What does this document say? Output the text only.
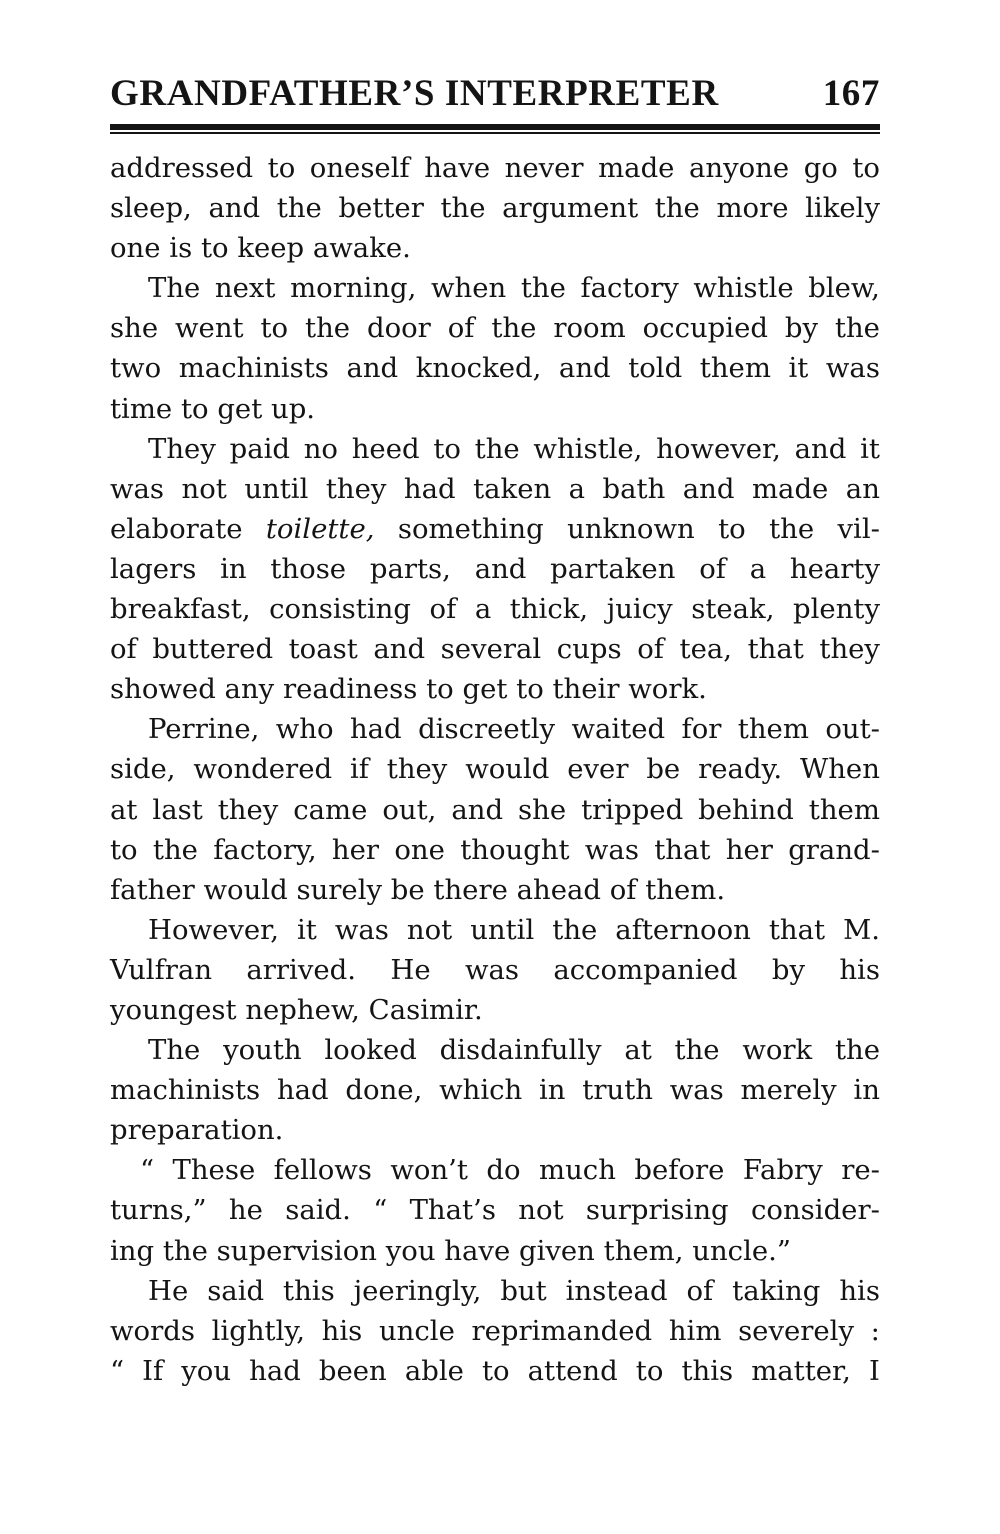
GRANDFATHER’S INTERPRETER	167
addressed to oneself have never made anyone go to
sleep, and the better the argument the more likely
one is to keep awake.
The next morning, when the factory whistle blew,
she went to the door of the room occupied by the
two machinists and knocked, and told them it was
time to get up.
They paid no heed to the whistle, however, and it
was not until they had taken a bath and made an
elaborate toilette, something unknown to the vil-
lagers in those parts, and partaken of a hearty
breakfast, consisting of a thick, juicy steak, plenty
of buttered toast and several cups of tea, that they
showed any readiness to get to their work.
Perrine, who had discreetly waited for them out-
side, wondered if they would ever be ready. When
at last they came out, and she tripped behind them
to the factory, her one thought was that her grand-
father would surely be there ahead of them.
However, it was not until the afternoon that M.
Vulfran arrived. He was accompanied by his
youngest nephew, Casimir.
The youth looked disdainfully at the work the
machinists had done, which in truth was merely in
preparation.
“ These fellows won’t do much before Fabry re-
turns,” he said. “ That’s not surprising consider-
ing the supervision you have given them, uncle.”
He said this jeeringly, but instead of taking his
words lightly, his uncle reprimanded him severely :
“ If you had been able to attend to this matter, I
